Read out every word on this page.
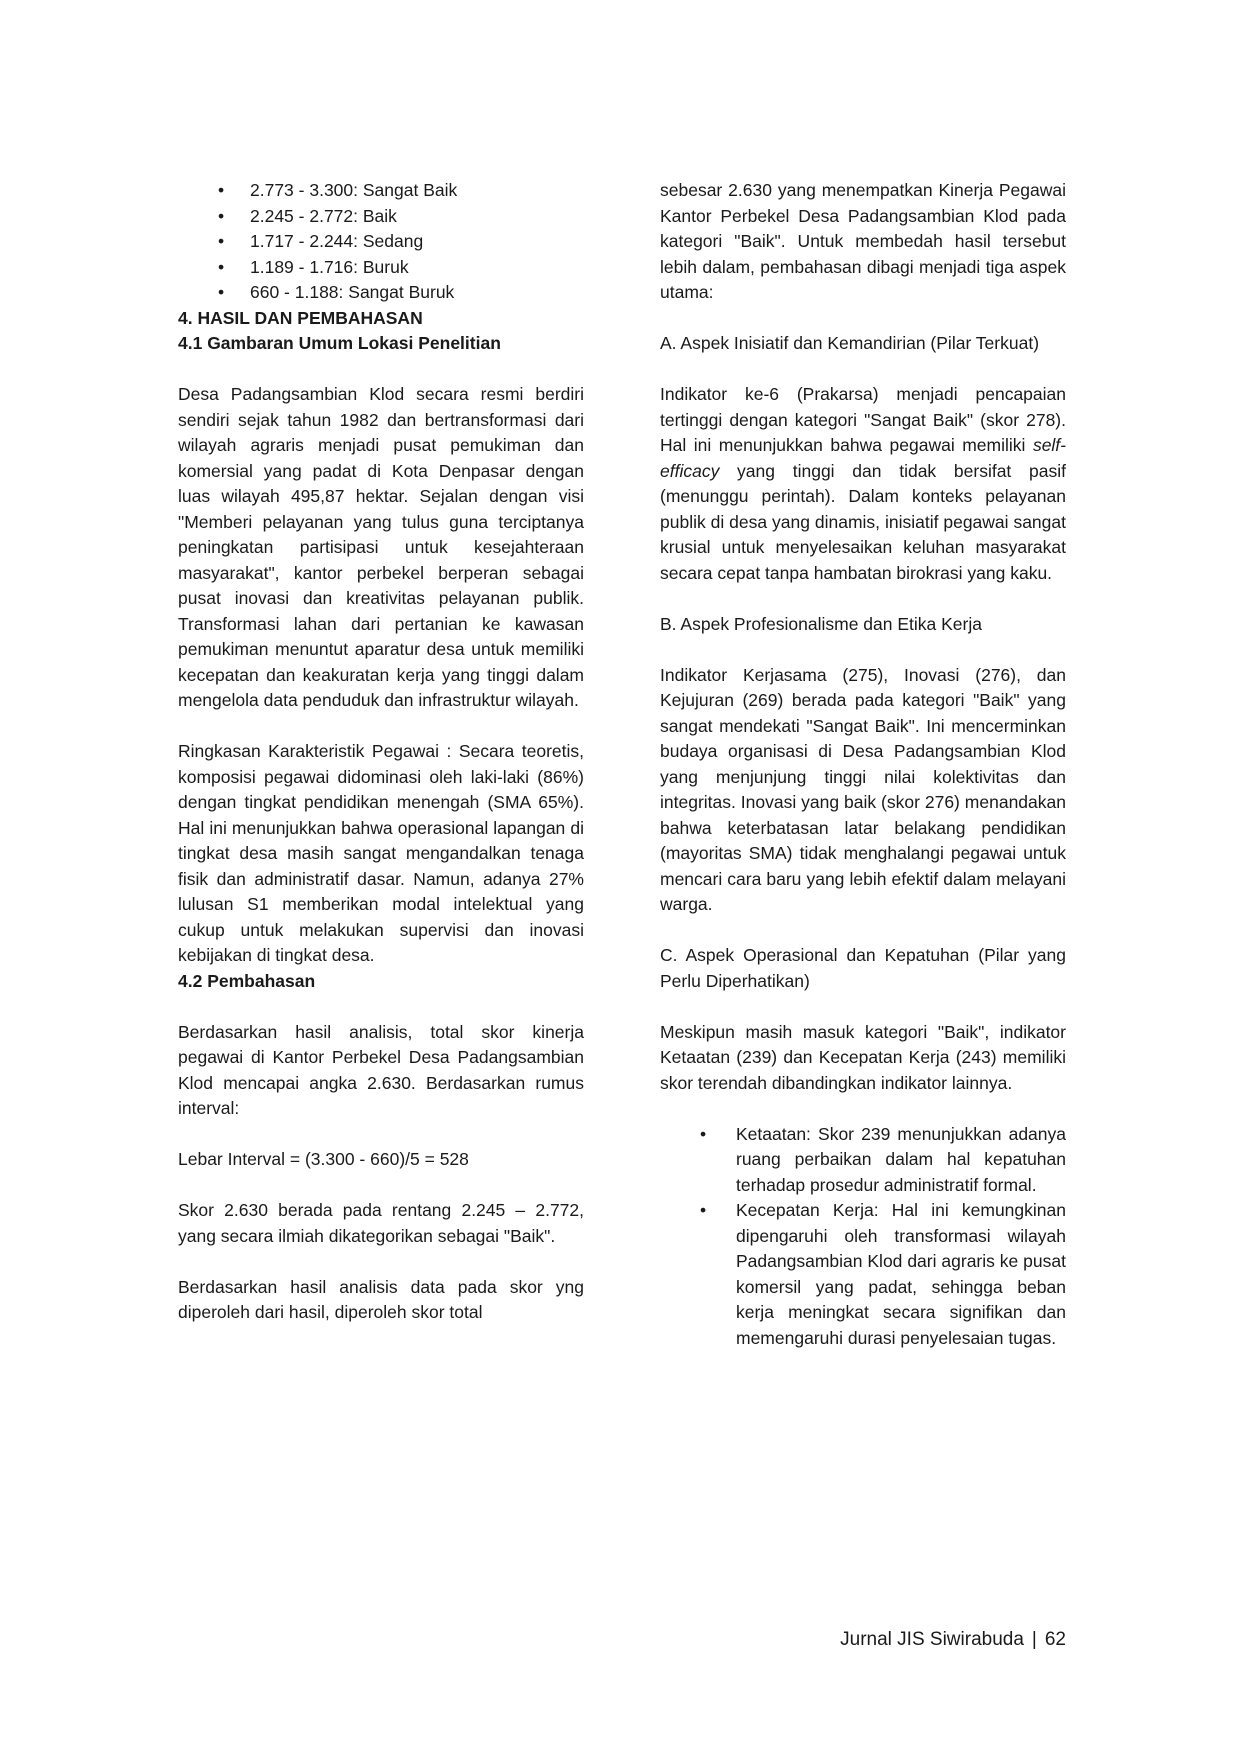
• 2.773 - 3.300: Sangat Baik
• 2.245 - 2.772: Baik
• 1.717 - 2.244: Sedang
• 1.189 - 1.716: Buruk
• 660 - 1.188: Sangat Buruk

4. HASIL DAN PEMBAHASAN

4.1 Gambaran Umum Lokasi Penelitian

Desa Padangsambian Klod secara resmi berdiri sendiri sejak tahun 1982 dan bertransformasi dari wilayah agraris menjadi pusat pemukiman dan komersial yang padat di Kota Denpasar dengan luas wilayah 495,87 hektar. Sejalan dengan visi "Memberi pelayanan yang tulus guna terciptanya peningkatan partisipasi untuk kesejahteraan masyarakat", kantor perbekel berperan sebagai pusat inovasi dan kreativitas pelayanan publik. Transformasi lahan dari pertanian ke kawasan pemukiman menuntut aparatur desa untuk memiliki kecepatan dan keakuratan kerja yang tinggi dalam mengelola data penduduk dan infrastruktur wilayah.

Ringkasan Karakteristik Pegawai : Secara teoretis, komposisi pegawai didominasi oleh laki-laki (86%) dengan tingkat pendidikan menengah (SMA 65%). Hal ini menunjukkan bahwa operasional lapangan di tingkat desa masih sangat mengandalkan tenaga fisik dan administratif dasar. Namun, adanya 27% lulusan S1 memberikan modal intelektual yang cukup untuk melakukan supervisi dan inovasi kebijakan di tingkat desa.

4.2 Pembahasan

Berdasarkan hasil analisis, total skor kinerja pegawai di Kantor Perbekel Desa Padangsambian Klod mencapai angka 2.630. Berdasarkan rumus interval:

Lebar Interval = (3.300 - 660)/5 = 528

Skor 2.630 berada pada rentang 2.245 – 2.772, yang secara ilmiah dikategorikan sebagai "Baik".

Berdasarkan hasil analisis data pada skor yng diperoleh dari hasil, diperoleh skor total

sebesar 2.630 yang menempatkan Kinerja Pegawai Kantor Perbekel Desa Padangsambian Klod pada kategori "Baik". Untuk membedah hasil tersebut lebih dalam, pembahasan dibagi menjadi tiga aspek utama:

A. Aspek Inisiatif dan Kemandirian (Pilar Terkuat)

Indikator ke-6 (Prakarsa) menjadi pencapaian tertinggi dengan kategori "Sangat Baik" (skor 278). Hal ini menunjukkan bahwa pegawai memiliki self-efficacy yang tinggi dan tidak bersifat pasif (menunggu perintah). Dalam konteks pelayanan publik di desa yang dinamis, inisiatif pegawai sangat krusial untuk menyelesaikan keluhan masyarakat secara cepat tanpa hambatan birokrasi yang kaku.

B. Aspek Profesionalisme dan Etika Kerja

Indikator Kerjasama (275), Inovasi (276), dan Kejujuran (269) berada pada kategori "Baik" yang sangat mendekati "Sangat Baik". Ini mencerminkan budaya organisasi di Desa Padangsambian Klod yang menjunjung tinggi nilai kolektivitas dan integritas. Inovasi yang baik (skor 276) menandakan bahwa keterbatasan latar belakang pendidikan (mayoritas SMA) tidak menghalangi pegawai untuk mencari cara baru yang lebih efektif dalam melayani warga.

C. Aspek Operasional dan Kepatuhan (Pilar yang Perlu Diperhatikan)

Meskipun masih masuk kategori "Baik", indikator Ketaatan (239) dan Kecepatan Kerja (243) memiliki skor terendah dibandingkan indikator lainnya.

• Ketaatan: Skor 239 menunjukkan adanya ruang perbaikan dalam hal kepatuhan terhadap prosedur administratif formal.
• Kecepatan Kerja: Hal ini kemungkinan dipengaruhi oleh transformasi wilayah Padangsambian Klod dari agraris ke pusat komersil yang padat, sehingga beban kerja meningkat secara signifikan dan memengaruhi durasi penyelesaian tugas.
Jurnal JIS Siwirabuda | 62
